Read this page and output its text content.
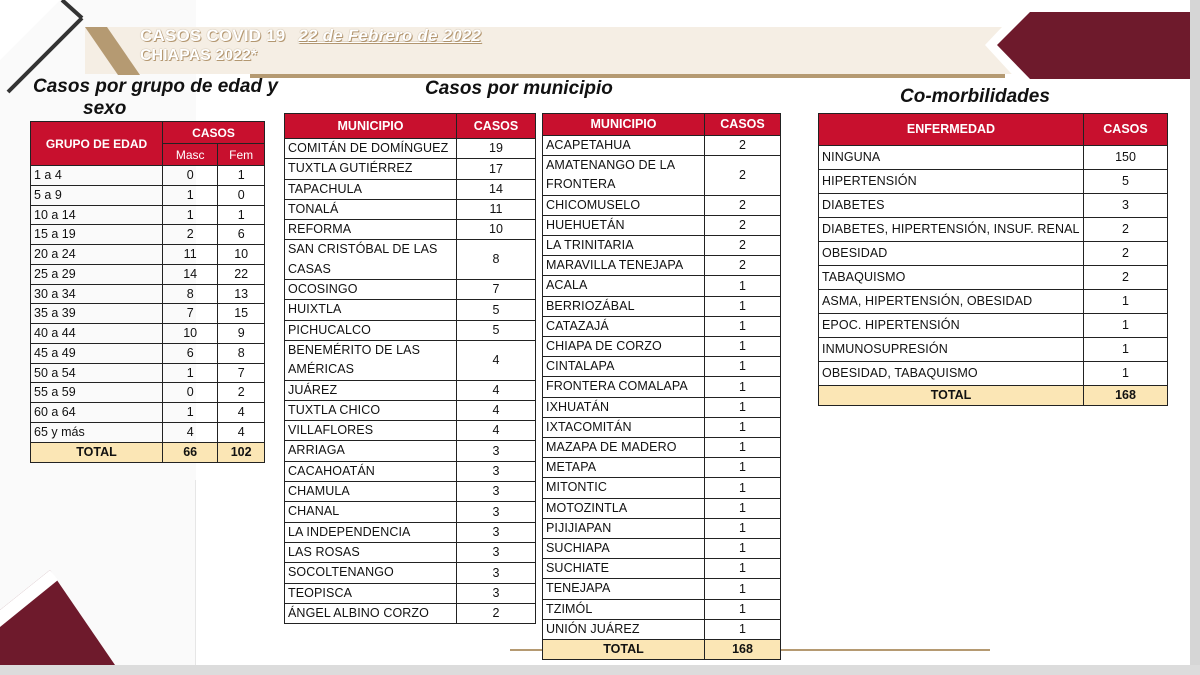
CASOS COVID 19 22 de Febrero de 2022
CHIAPAS 2022*
Casos por grupo de edad y
sexo
Casos por municipio	Co-morbilidades
GRUPO DE EDAD	CASOS	
	Masc	Fem
1 a 4	0	1
5 a 9	1	0
10 a 14	1	1
15 a 19	2	6
20 a 24	11	10
25 a 29	14	22
30 a 34	8	13
35 a 39	7	15
40 a 44	10	9
45 a 49	6	8
50 a 54	1	7
55 a 59	0	2
60 a 64	1	4
65 y más	4	4
TOTAL	66	102
MUNICIPIO	CASOS
COMITÁN DE DOMÍNGUEZ	19
TUXTLA GUTIÉRREZ	17
TAPACHULA	14
TONALÁ	11
REFORMA	10
SAN CRISTÓBAL DE LAS CASAS	8
OCOSINGO	7
HUIXTLA	5
PICHUCALCO	5
BENEMÉRITO DE LAS AMÉRICAS	4
JUÁREZ	4
TUXTLA CHICO	4
VILLAFLORES	4
ARRIAGA	3
CACAHOATÁN	3
CHAMULA	3
CHANAL	3
LA INDEPENDENCIA	3
LAS ROSAS	3
SOCOLTENANGO	3
TEOPISCA	3
ÁNGEL ALBINO CORZO	2
MUNICIPIO	CASOS
ACAPETAHUA	2
AMATENANGO DE LA FRONTERA	2
CHICOMUSELO	2
HUEHUETÁN	2
LA TRINITARIA	2
MARAVILLA TENEJAPA	2
ACALA	1
BERRIOZÁBAL	1
CATAZAJÁ	1
CHIAPA DE CORZO	1
CINTALAPA	1
FRONTERA COMALAPA	1
IXHUATÁN	1
IXTACOMITÁN	1
MAZAPA DE MADERO	1
METAPA	1
MITONTIC	1
MOTOZINTLA	1
PIJIJIAPAN	1
SUCHIAPA	1
SUCHIATE	1
TENEJAPA	1
TZIMÓL	1
UNIÓN JUÁREZ	1
TOTAL	168
ENFERMEDAD	CASOS
NINGUNA	150
HIPERTENSIÓN	5
DIABETES	3
DIABETES, HIPERTENSIÓN, INSUF. RENAL	2
OBESIDAD	2
TABAQUISMO	2
ASMA, HIPERTENSIÓN, OBESIDAD	1
EPOC. HIPERTENSIÓN	1
INMUNOSUPRESIÓN	1
OBESIDAD, TABAQUISMO	1
TOTAL	168
